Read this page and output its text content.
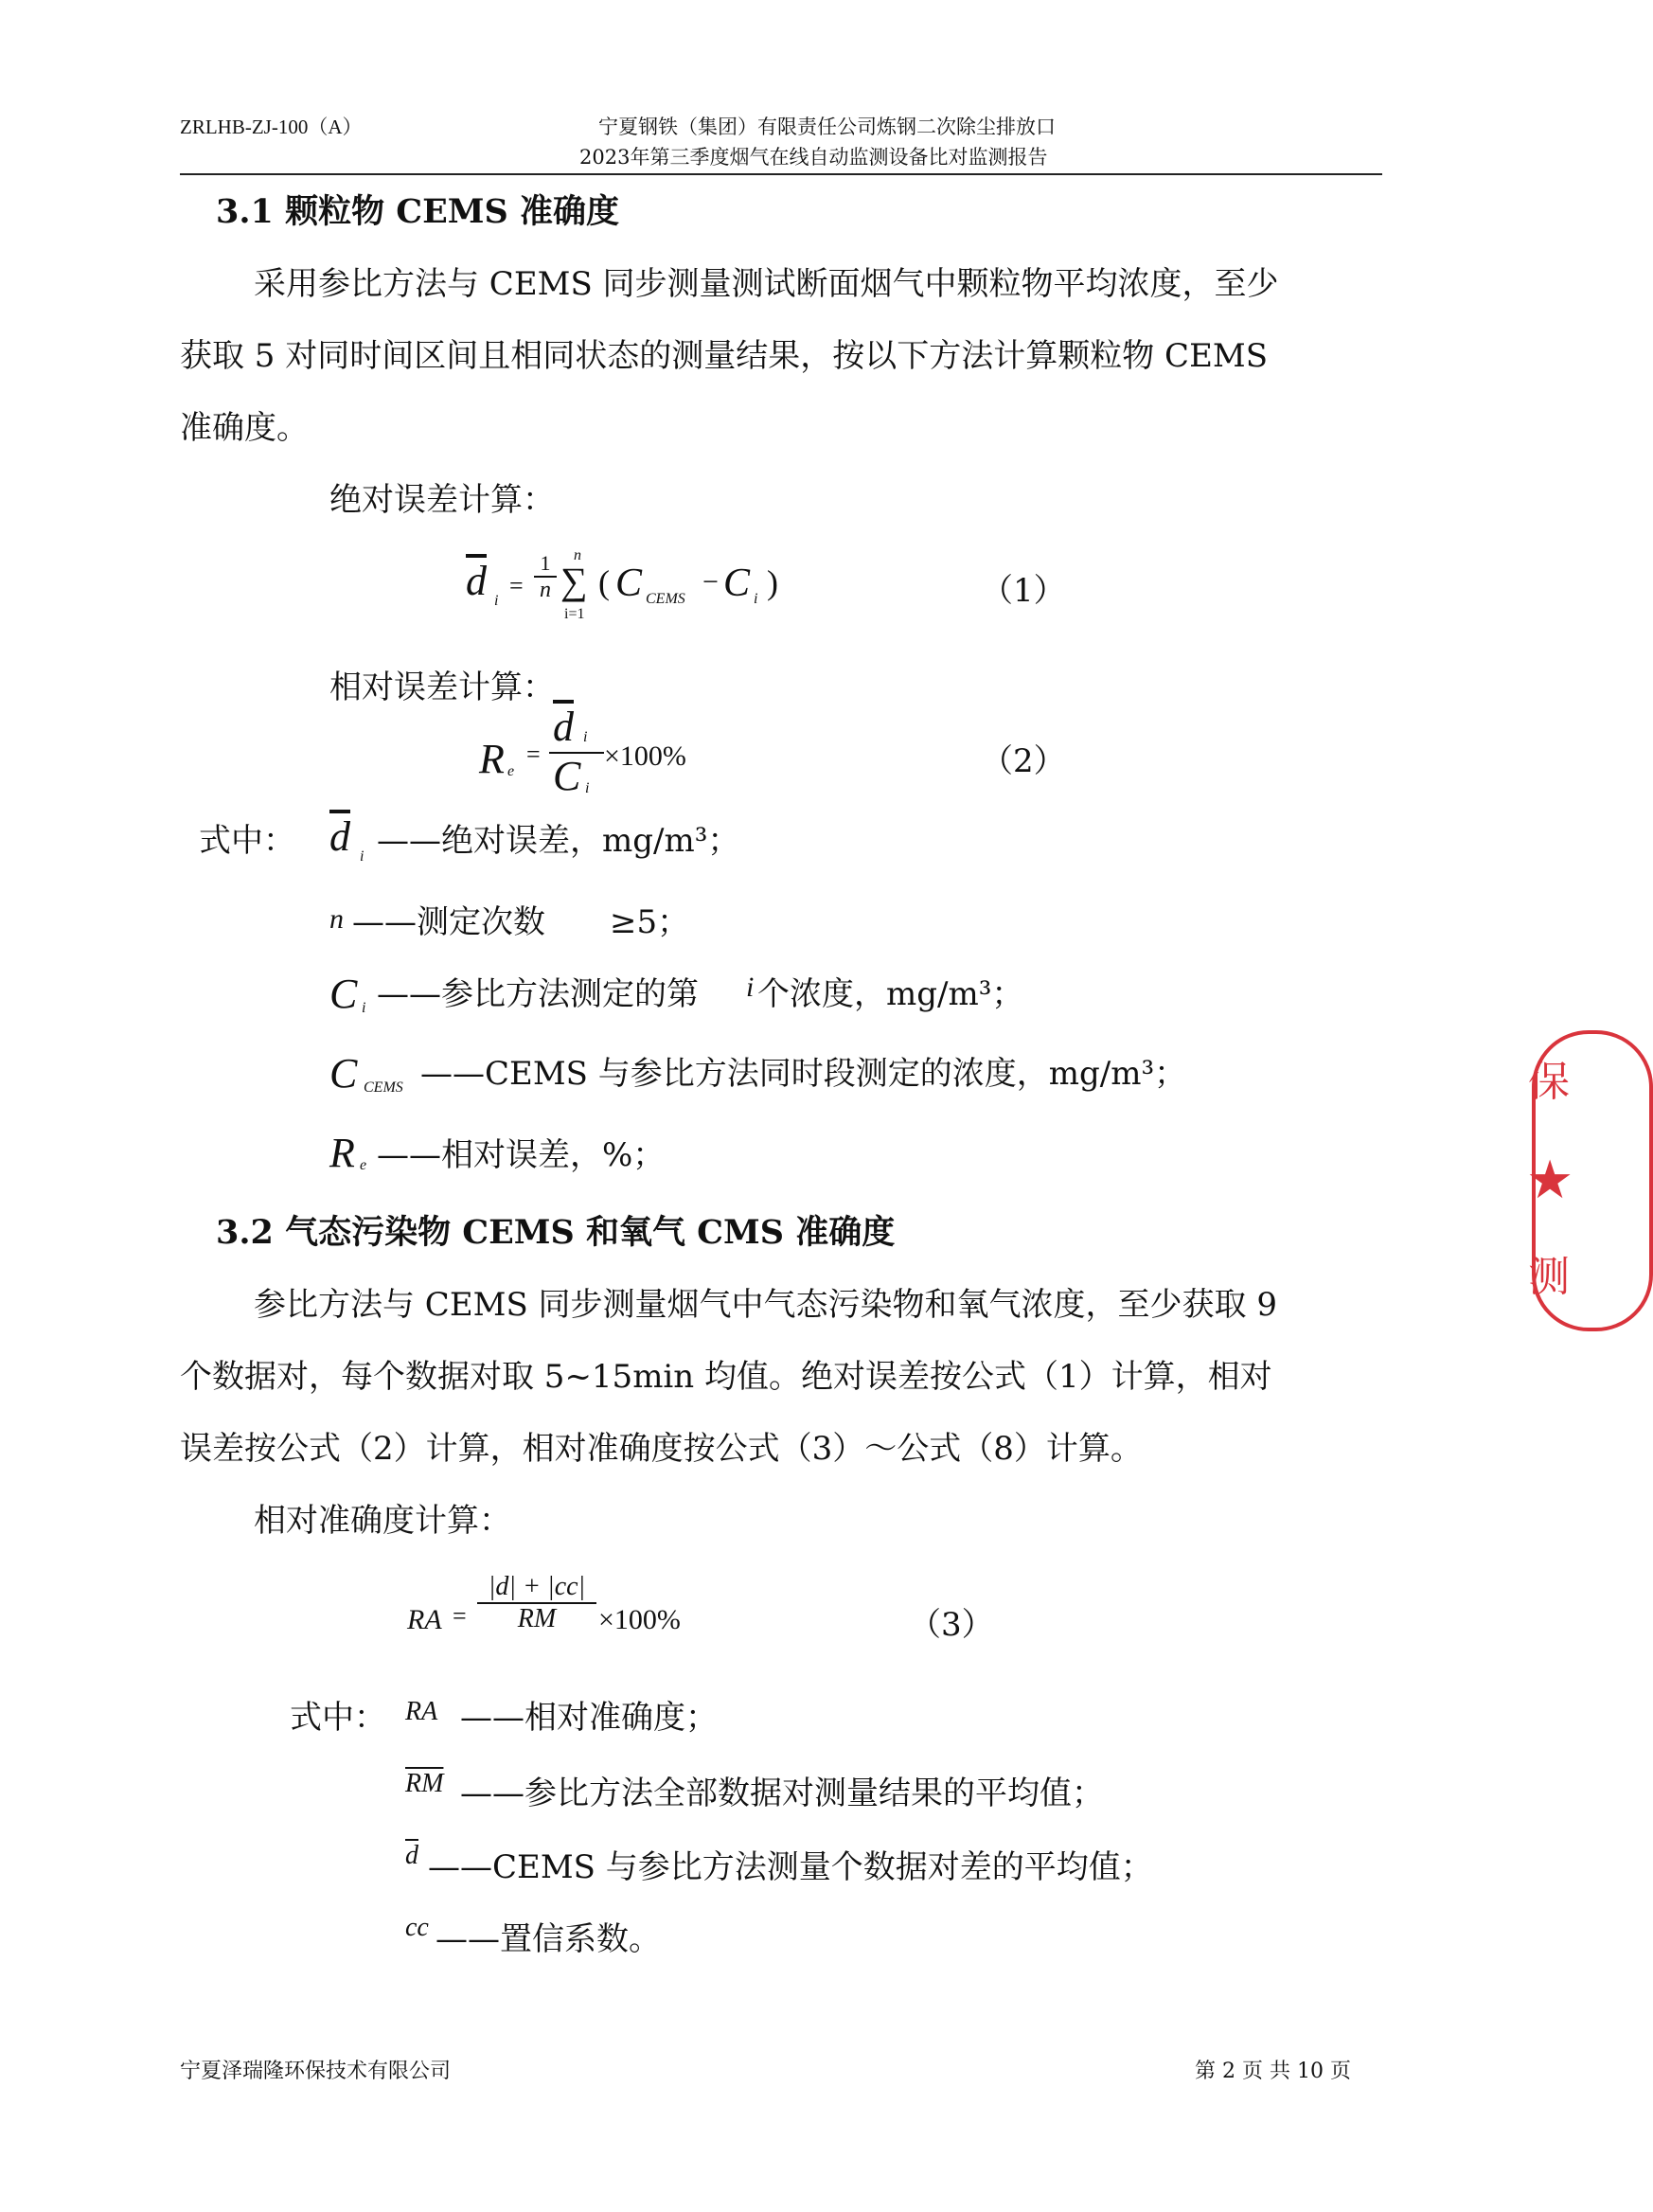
ZRLHB-ZJ-100（A）	宁夏钢铁（集团）有限责任公司炼钢二次除尘排放口
2023年第三季度烟气在线自动监测设备比对监测报告
3.1 颗粒物 CEMS 准确度
采用参比方法与 CEMS 同步测量测试断面烟气中颗粒物平均浓度，至少
获取 5 对同时间区间且相同状态的测量结果，按以下方法计算颗粒物 CEMS
准确度。
绝对误差计算：
$\overline{d}$ i
=
1
n
n
∑
i=1
( C CEMS
− C i )	（1）
相对误差计算：
R e
=
$\overline{d}$ i
C i
×100%	（2）
式中： $\overline{d}$ i ——绝对误差，mg/m³；
n ——测定次数　　≥5；
C i ——参比方法测定的第 i 个浓度，mg/m³；
C CEMS ——CEMS 与参比方法同时段测定的浓度，mg/m³；
R e ——相对误差，%；
3.2 气态污染物 CEMS 和氧气 CMS 准确度
参比方法与 CEMS 同步测量烟气中气态污染物和氧气浓度，至少获取 9
个数据对，每个数据对取 5~15min 均值。绝对误差按公式（1）计算，相对
误差按公式（2）计算，相对准确度按公式（3）～公式（8）计算。
相对准确度计算：
RA = $\frac{|d| + |cc|}{RM} \times 100\%$	（3）
式中： RA ——相对准确度；
$\overline{RM}$ ——参比方法全部数据对测量结果的平均值；
$\overline{d}$ ——CEMS 与参比方法测量个数据对差的平均值；
cc ——置信系数。
宁夏泽瑞隆环保技术有限公司	第 2 页 共 10 页
保
★
测
